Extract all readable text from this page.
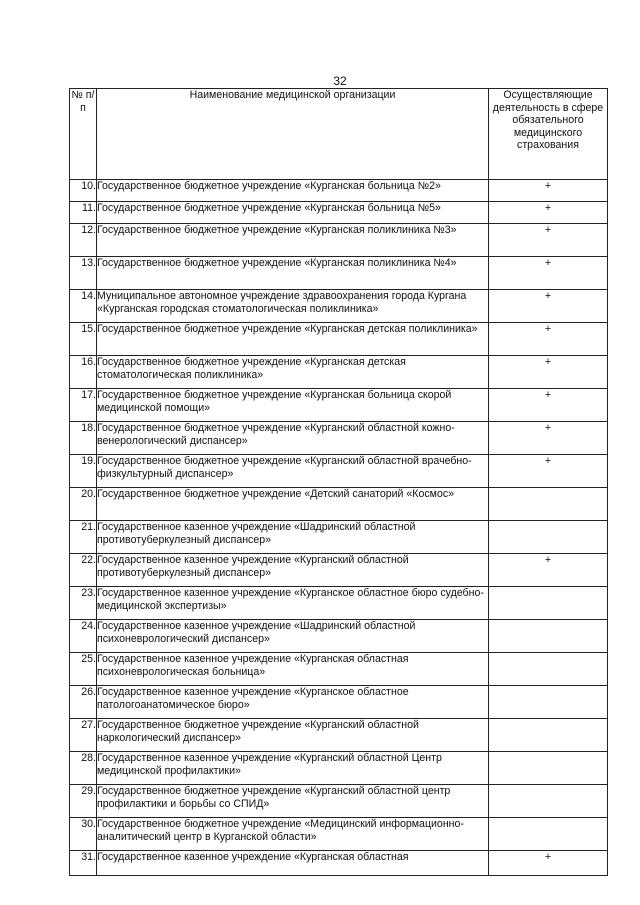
32
№ п/п	Наименование медицинской организации	Осуществляющие деятельность в сфере обязательного медицинского страхования
10.	Государственное бюджетное учреждение «Курганская больница №2»	+
11.	Государственное бюджетное учреждение «Курганская больница №5»	+
12.	Государственное бюджетное учреждение «Курганская поликлиника №3»	+
13.	Государственное бюджетное учреждение «Курганская поликлиника №4»	+
14.	Муниципальное автономное учреждение здравоохранения города Кургана «Курганская городская стоматологическая поликлиника»	+
15.	Государственное бюджетное учреждение «Курганская детская поликлиника»	+
16.	Государственное бюджетное учреждение «Курганская детская стоматологическая поликлиника»	+
17.	Государственное бюджетное учреждение «Курганская больница скорой медицинской помощи»	+
18.	Государственное бюджетное учреждение «Курганский областной кожно-венерологический диспансер»	+
19.	Государственное бюджетное учреждение «Курганский областной врачебно-физкультурный диспансер»	+
20.	Государственное бюджетное учреждение «Детский санаторий «Космос»	
21.	Государственное казенное учреждение «Шадринский областной противотуберкулезный диспансер»	
22.	Государственное казенное учреждение «Курганский областной противотуберкулезный диспансер»	+
23.	Государственное казенное учреждение «Курганское областное бюро судебно-медицинской экспертизы»	
24.	Государственное казенное учреждение «Шадринский областной психоневрологический диспансер»	
25.	Государственное казенное учреждение «Курганская областная психоневрологическая больница»	
26.	Государственное казенное учреждение «Курганское областное патологоанатомическое бюро»	
27.	Государственное бюджетное учреждение «Курганский областной наркологический диспансер»	
28.	Государственное казенное учреждение «Курганский областной Центр медицинской профилактики»	
29.	Государственное бюджетное учреждение «Курганский областной центр профилактики и борьбы со СПИД»	
30.	Государственное бюджетное учреждение «Медицинский информационно-аналитический центр в Курганской области»	
31.	Государственное казенное учреждение «Курганская областная	+
